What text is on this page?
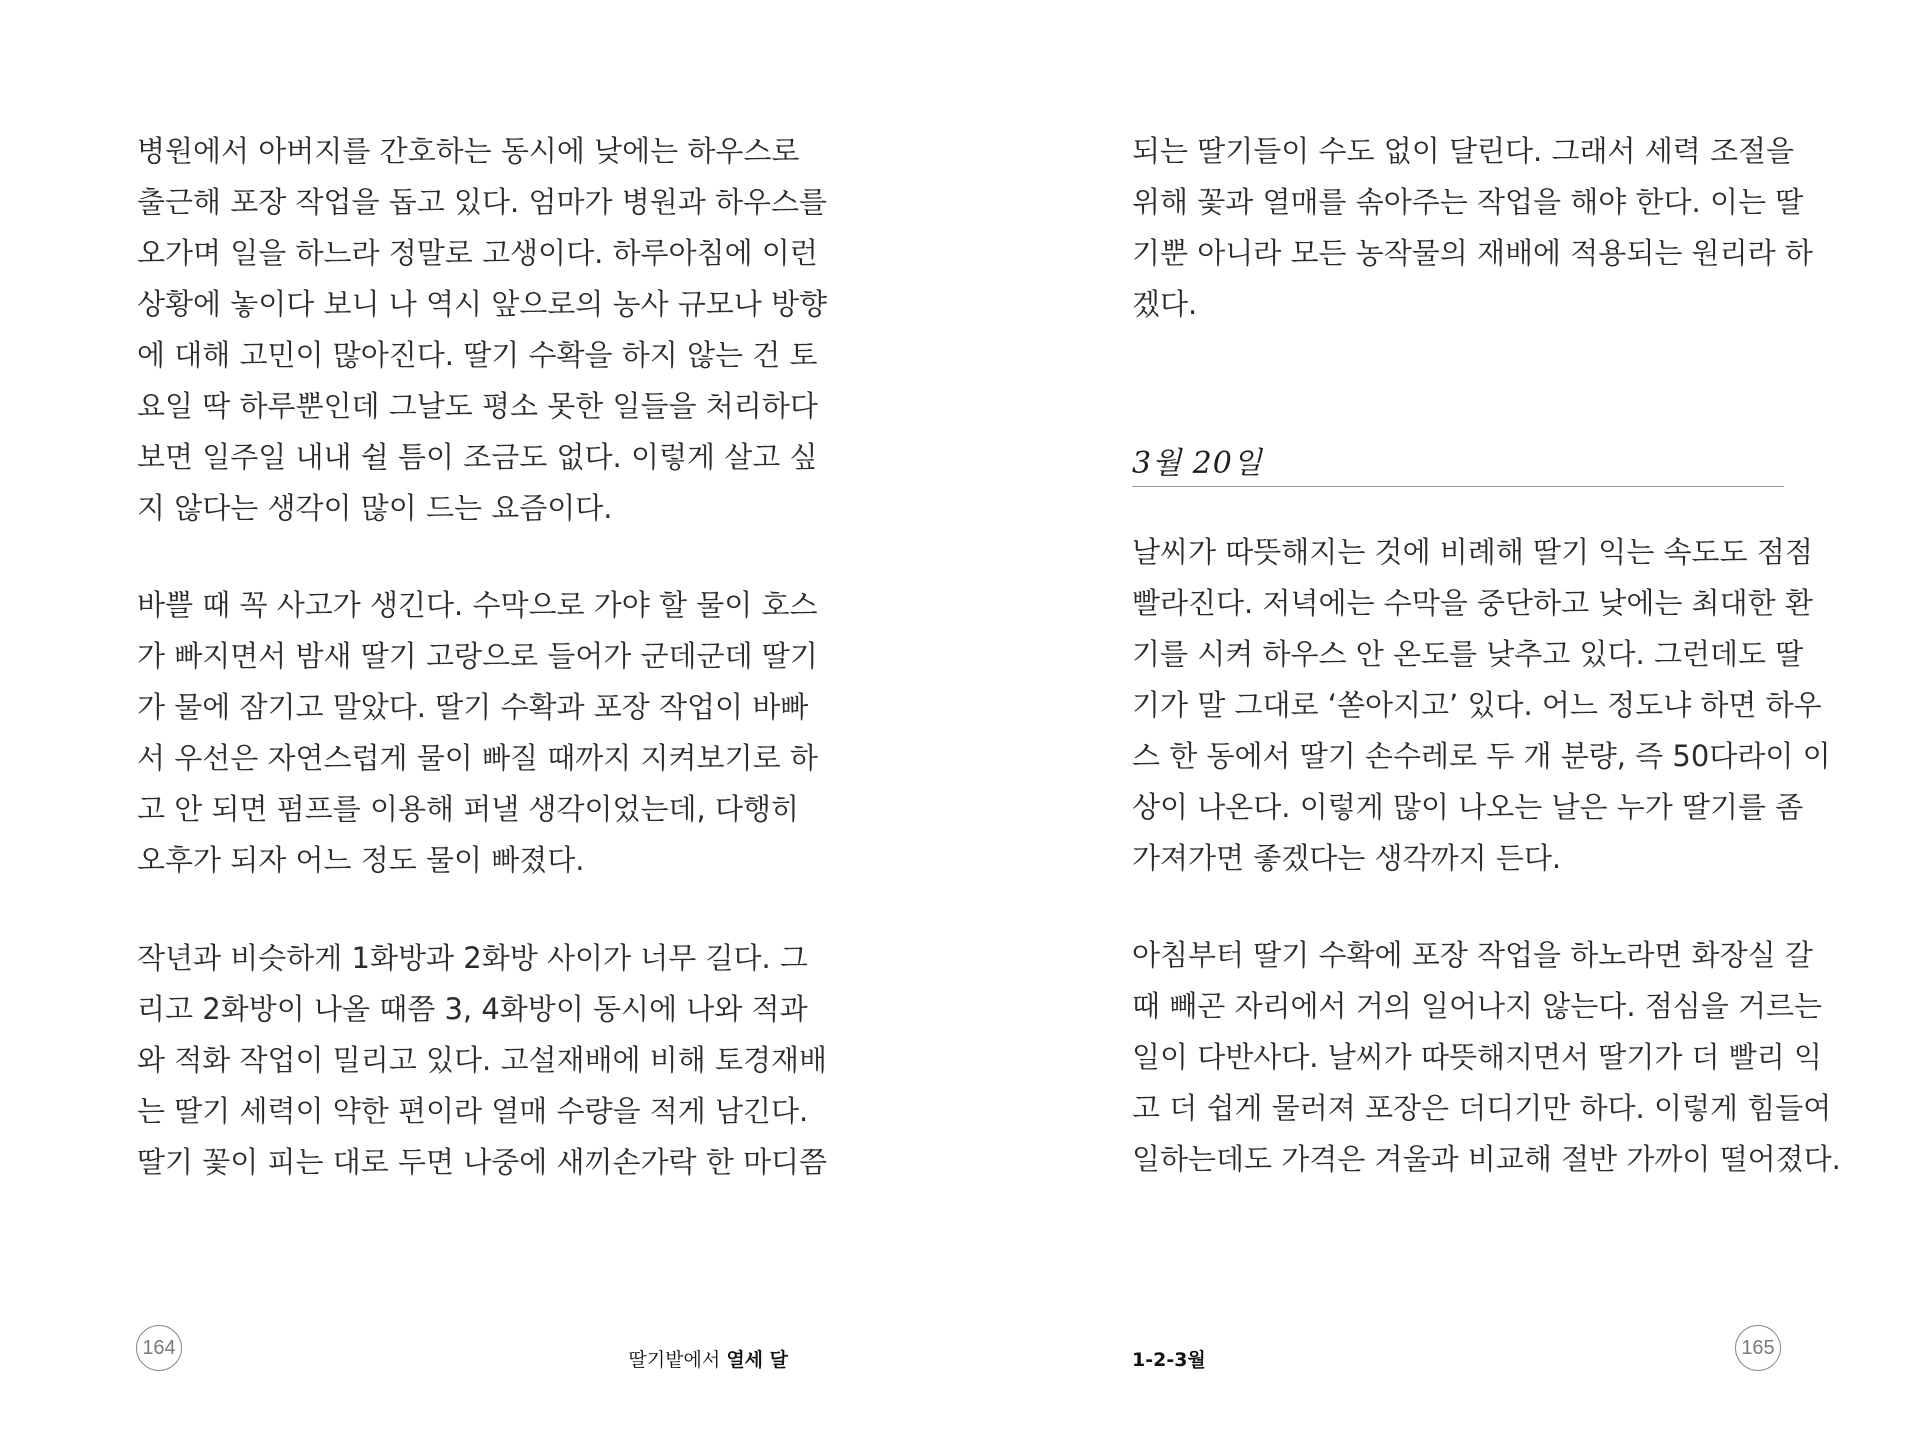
병원에서 아버지를 간호하는 동시에 낮에는 하우스로
출근해 포장 작업을 돕고 있다. 엄마가 병원과 하우스를
오가며 일을 하느라 정말로 고생이다. 하루아침에 이런
상황에 놓이다 보니 나 역시 앞으로의 농사 규모나 방향
에 대해 고민이 많아진다. 딸기 수확을 하지 않는 건 토
요일 딱 하루뿐인데 그날도 평소 못한 일들을 처리하다
보면 일주일 내내 쉴 틈이 조금도 없다. 이렇게 살고 싶
지 않다는 생각이 많이 드는 요즘이다.
바쁠 때 꼭 사고가 생긴다. 수막으로 가야 할 물이 호스
가 빠지면서 밤새 딸기 고랑으로 들어가 군데군데 딸기
가 물에 잠기고 말았다. 딸기 수확과 포장 작업이 바빠
서 우선은 자연스럽게 물이 빠질 때까지 지켜보기로 하
고 안 되면 펌프를 이용해 퍼낼 생각이었는데, 다행히
오후가 되자 어느 정도 물이 빠졌다.
작년과 비슷하게 1화방과 2화방 사이가 너무 길다. 그
리고 2화방이 나올 때쯤 3, 4화방이 동시에 나와 적과
와 적화 작업이 밀리고 있다. 고설재배에 비해 토경재배
는 딸기 세력이 약한 편이라 열매 수량을 적게 남긴다.
딸기 꽃이 피는 대로 두면 나중에 새끼손가락 한 마디쯤
164
딸기밭에서 열세 달
되는 딸기들이 수도 없이 달린다. 그래서 세력 조절을
위해 꽃과 열매를 솎아주는 작업을 해야 한다. 이는 딸
기뿐 아니라 모든 농작물의 재배에 적용되는 원리라 하
겠다.
3월 20일
날씨가 따뜻해지는 것에 비례해 딸기 익는 속도도 점점
빨라진다. 저녁에는 수막을 중단하고 낮에는 최대한 환
기를 시켜 하우스 안 온도를 낮추고 있다. 그런데도 딸
기가 말 그대로 ‘쏟아지고’ 있다. 어느 정도냐 하면 하우
스 한 동에서 딸기 손수레로 두 개 분량, 즉 50다라이 이
상이 나온다. 이렇게 많이 나오는 날은 누가 딸기를 좀
가져가면 좋겠다는 생각까지 든다.
아침부터 딸기 수확에 포장 작업을 하노라면 화장실 갈
때 빼곤 자리에서 거의 일어나지 않는다. 점심을 거르는
일이 다반사다. 날씨가 따뜻해지면서 딸기가 더 빨리 익
고 더 쉽게 물러져 포장은 더디기만 하다. 이렇게 힘들여
일하는데도 가격은 겨울과 비교해 절반 가까이 떨어졌다.
1-2-3월
165
